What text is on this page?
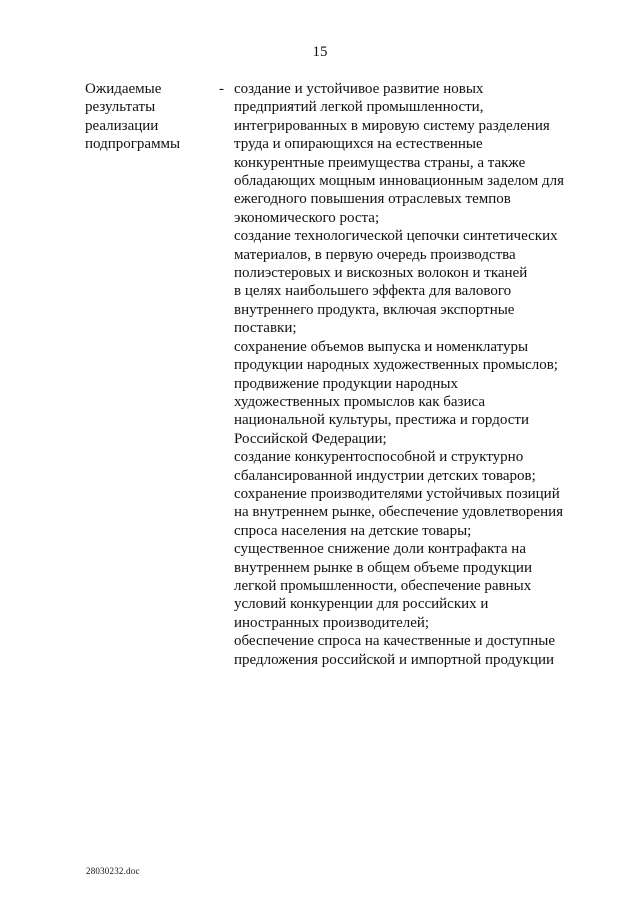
15
Ожидаемые
результаты
реализации
подпрограммы
- создание и устойчивое развитие новых
предприятий легкой промышленности,
интегрированных в мировую систему разделения
труда и опирающихся на естественные
конкурентные преимущества страны, а также
обладающих мощным инновационным заделом для
ежегодного повышения отраслевых темпов
экономического роста;
создание технологической цепочки синтетических
материалов, в первую очередь производства
полиэстеровых и вискозных волокон и тканей
в целях наибольшего эффекта для валового
внутреннего продукта, включая экспортные
поставки;
сохранение объемов выпуска и номенклатуры
продукции народных художественных промыслов;
продвижение продукции народных
художественных промыслов как базиса
национальной культуры, престижа и гордости
Российской Федерации;
создание конкурентоспособной и структурно
сбалансированной индустрии детских товаров;
сохранение производителями устойчивых позиций
на внутреннем рынке, обеспечение удовлетворения
спроса населения на детские товары;
существенное снижение доли контрафакта на
внутреннем рынке в общем объеме продукции
легкой промышленности, обеспечение равных
условий конкуренции для российских и
иностранных производителей;
обеспечение спроса на качественные и доступные
предложения российской и импортной продукции
28030232.doc
